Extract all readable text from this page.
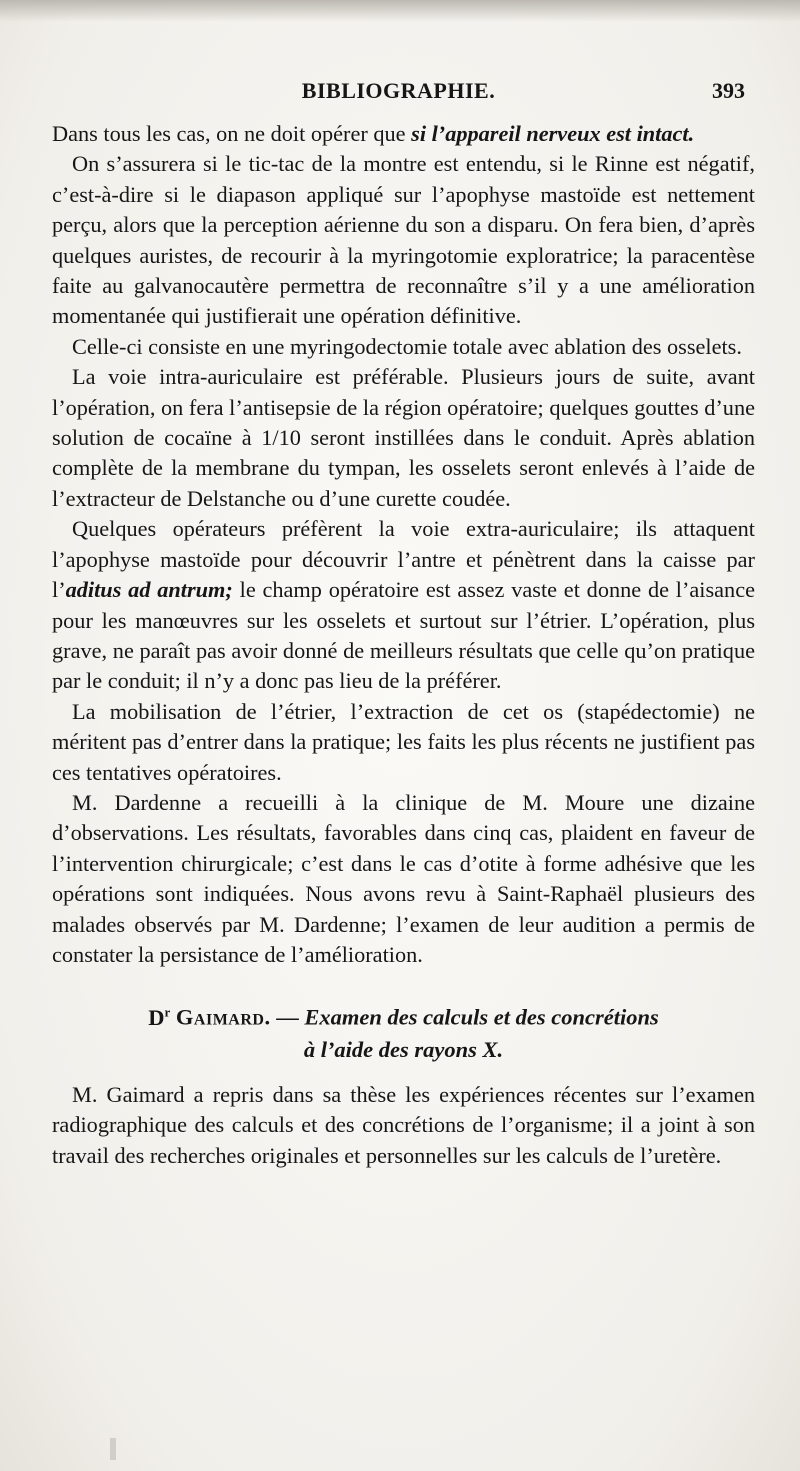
BIBLIOGRAPHIE.	393

Dans tous les cas, on ne doit opérer que si l’appareil nerveux est intact.

On s’assurera si le tic-tac de la montre est entendu, si le Rinne est négatif, c’est-à-dire si le diapason appliqué sur l’apophyse mastoïde est nettement perçu, alors que la perception aérienne du son a disparu. On fera bien, d’après quelques auristes, de recourir à la myringotomie exploratrice; la paracentèse faite au galvanocautère permettra de reconnaître s’il y a une amélioration momentanée qui justifierait une opération définitive.

Celle-ci consiste en une myringodectomie totale avec ablation des osselets.

La voie intra-auriculaire est préférable. Plusieurs jours de suite, avant l’opération, on fera l’antisepsie de la région opératoire; quelques gouttes d’une solution de cocaïne à 1/10 seront instillées dans le conduit. Après ablation complète de la membrane du tympan, les osselets seront enlevés à l’aide de l’extracteur de Delstanche ou d’une curette coudée.

Quelques opérateurs préfèrent la voie extra-auriculaire; ils attaquent l’apophyse mastoïde pour découvrir l’antre et pénètrent dans la caisse par l’aditus ad antrum; le champ opératoire est assez vaste et donne de l’aisance pour les manœuvres sur les osselets et surtout sur l’étrier. L’opération, plus grave, ne paraît pas avoir donné de meilleurs résultats que celle qu’on pratique par le conduit; il n’y a donc pas lieu de la préférer.

La mobilisation de l’étrier, l’extraction de cet os (stapédectomie) ne méritent pas d’entrer dans la pratique; les faits les plus récents ne justifient pas ces tentatives opératoires.

M. Dardenne a recueilli à la clinique de M. Moure une dizaine d’observations. Les résultats, favorables dans cinq cas, plaident en faveur de l’intervention chirurgicale; c’est dans le cas d’otite à forme adhésive que les opérations sont indiquées. Nous avons revu à Saint-Raphaël plusieurs des malades observés par M. Dardenne; l’examen de leur audition a permis de constater la persistance de l’amélioration.

$D^r$ Gaimard. — Examen des calculs et des concrétions
à l’aide des rayons X.

M. Gaimard a repris dans sa thèse les expériences récentes sur l’examen radiographique des calculs et des concrétions de l’organisme; il a joint à son travail des recherches originales et personnelles sur les calculs de l’uretère.
